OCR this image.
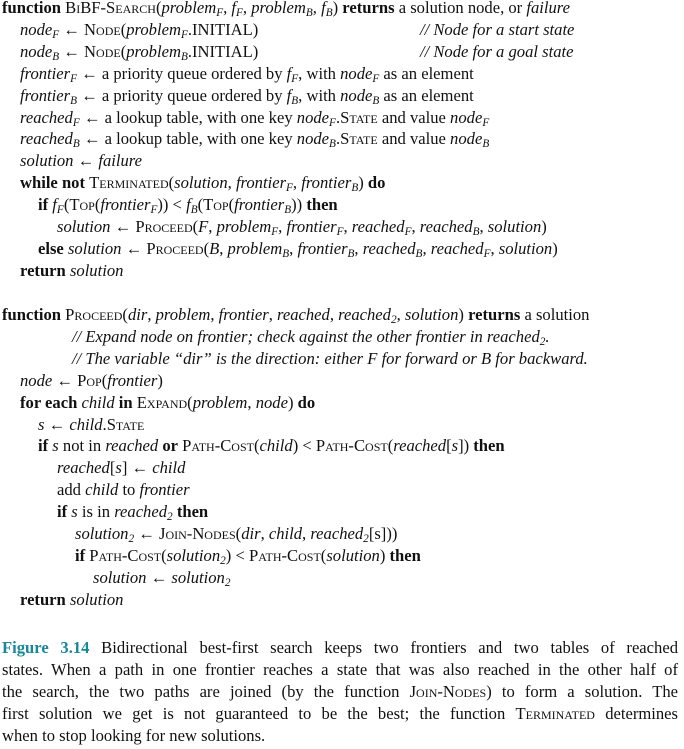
function BiBF-Search(problem$_F$, $f_F$, problem$_B$, $f_B$) returns a solution node, or failure
node$_F$ ← Node(problem$_F$.INITIAL)	// Node for a start state
node$_B$ ← Node(problem$_B$.INITIAL)	// Node for a goal state
frontier$_F$ ← a priority queue ordered by $f_F$, with node$_F$ as an element
frontier$_B$ ← a priority queue ordered by $f_B$, with node$_B$ as an element
reached$_F$ ← a lookup table, with one key node$_F$.State and value node$_F$
reached$_B$ ← a lookup table, with one key node$_B$.State and value node$_B$
solution ← failure
while not Terminated(solution, frontier$_F$, frontier$_B$) do
if $f_F(Top(frontier_F))$ < $f_B(Top(frontier_B))$ then
solution ← Proceed(F, problem$_F$, frontier$_F$, reached$_F$, reached$_B$, solution)
else solution ← Proceed(B, problem$_B$, frontier$_B$, reached$_B$, reached$_F$, solution)
return solution
function Proceed(dir, problem, frontier, reached, reached$_2$, solution) returns a solution
// Expand node on frontier; check against the other frontier in reached$_2$.
// The variable “dir” is the direction: either F for forward or B for backward.
node ← Pop(frontier)
for each child in Expand(problem, node) do
s ← child.State
if s not in reached or Path-Cost(child) < Path-Cost(reached[s]) then
reached[s] ← child
add child to frontier
if s is in reached$_2$ then
solution$_2$ ← Join-Nodes(dir, child, reached$_2$[s]))
if Path-Cost(solution$_2$) < Path-Cost(solution) then
solution ← solution$_2$
return solution
Figure 3.14 Bidirectional best-first search keeps two frontiers and two tables of reached
states. When a path in one frontier reaches a state that was also reached in the other half of
the search, the two paths are joined (by the function Join-Nodes) to form a solution. The
first solution we get is not guaranteed to be the best; the function Terminated determines
when to stop looking for new solutions.
